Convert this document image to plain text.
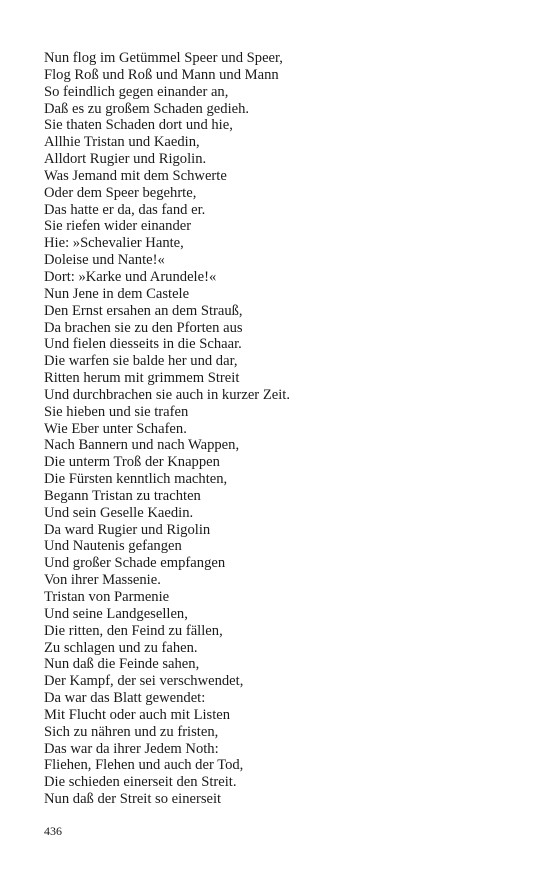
Nun flog im Getümmel Speer und Speer,
Flog Roß und Roß und Mann und Mann
So feindlich gegen einander an,
Daß es zu großem Schaden gedieh.
Sie thaten Schaden dort und hie,
Allhie Tristan und Kaedin,
Alldort Rugier und Rigolin.
Was Jemand mit dem Schwerte
Oder dem Speer begehrte,
Das hatte er da, das fand er.
Sie riefen wider einander
Hie: »Schevalier Hante,
Doleise und Nante!«
Dort: »Karke und Arundele!«
Nun Jene in dem Castele
Den Ernst ersahen an dem Strauß,
Da brachen sie zu den Pforten aus
Und fielen diesseits in die Schaar.
Die warfen sie balde her und dar,
Ritten herum mit grimmem Streit
Und durchbrachen sie auch in kurzer Zeit.
Sie hieben und sie trafen
Wie Eber unter Schafen.
Nach Bannern und nach Wappen,
Die unterm Troß der Knappen
Die Fürsten kenntlich machten,
Begann Tristan zu trachten
Und sein Geselle Kaedin.
Da ward Rugier und Rigolin
Und Nautenis gefangen
Und großer Schade empfangen
Von ihrer Massenie.
Tristan von Parmenie
Und seine Landgesellen,
Die ritten, den Feind zu fällen,
Zu schlagen und zu fahen.
Nun daß die Feinde sahen,
Der Kampf, der sei verschwendet,
Da war das Blatt gewendet:
Mit Flucht oder auch mit Listen
Sich zu nähren und zu fristen,
Das war da ihrer Jedem Noth:
Fliehen, Flehen und auch der Tod,
Die schieden einerseit den Streit.
Nun daß der Streit so einerseit
436
